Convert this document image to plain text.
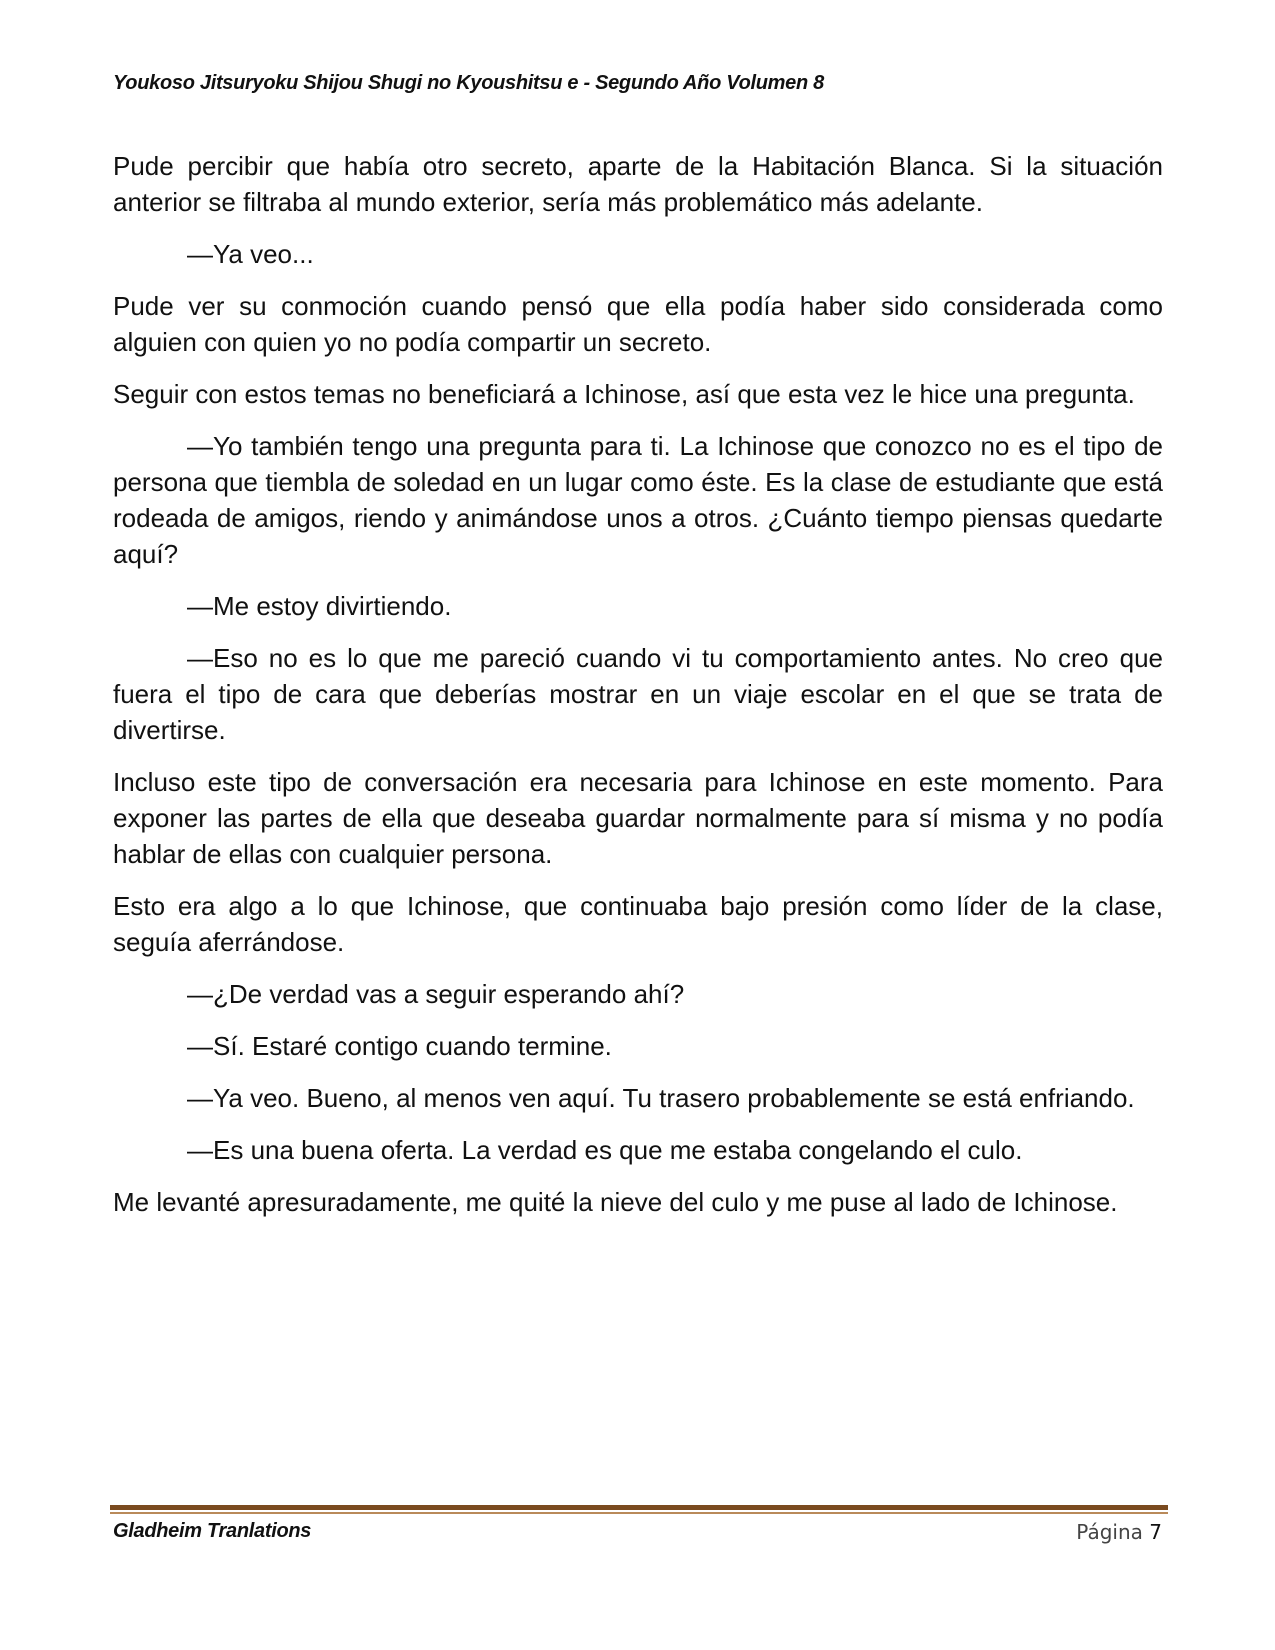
Youkoso Jitsuryoku Shijou Shugi no Kyoushitsu e - Segundo Año Volumen 8

Pude percibir que había otro secreto, aparte de la Habitación Blanca. Si la situación anterior se filtraba al mundo exterior, sería más problemático más adelante.

—Ya veo...

Pude ver su conmoción cuando pensó que ella podía haber sido considerada como alguien con quien yo no podía compartir un secreto.

Seguir con estos temas no beneficiará a Ichinose, así que esta vez le hice una pregunta.

—Yo también tengo una pregunta para ti. La Ichinose que conozco no es el tipo de persona que tiembla de soledad en un lugar como éste. Es la clase de estudiante que está rodeada de amigos, riendo y animándose unos a otros. ¿Cuánto tiempo piensas quedarte aquí?

—Me estoy divirtiendo.

—Eso no es lo que me pareció cuando vi tu comportamiento antes. No creo que fuera el tipo de cara que deberías mostrar en un viaje escolar en el que se trata de divertirse.

Incluso este tipo de conversación era necesaria para Ichinose en este momento. Para exponer las partes de ella que deseaba guardar normalmente para sí misma y no podía hablar de ellas con cualquier persona.

Esto era algo a lo que Ichinose, que continuaba bajo presión como líder de la clase, seguía aferrándose.

—¿De verdad vas a seguir esperando ahí?

—Sí. Estaré contigo cuando termine.

—Ya veo. Bueno, al menos ven aquí. Tu trasero probablemente se está enfriando.

—Es una buena oferta. La verdad es que me estaba congelando el culo.

Me levanté apresuradamente, me quité la nieve del culo y me puse al lado de Ichinose.

Gladheim Tranlations	Página 7
